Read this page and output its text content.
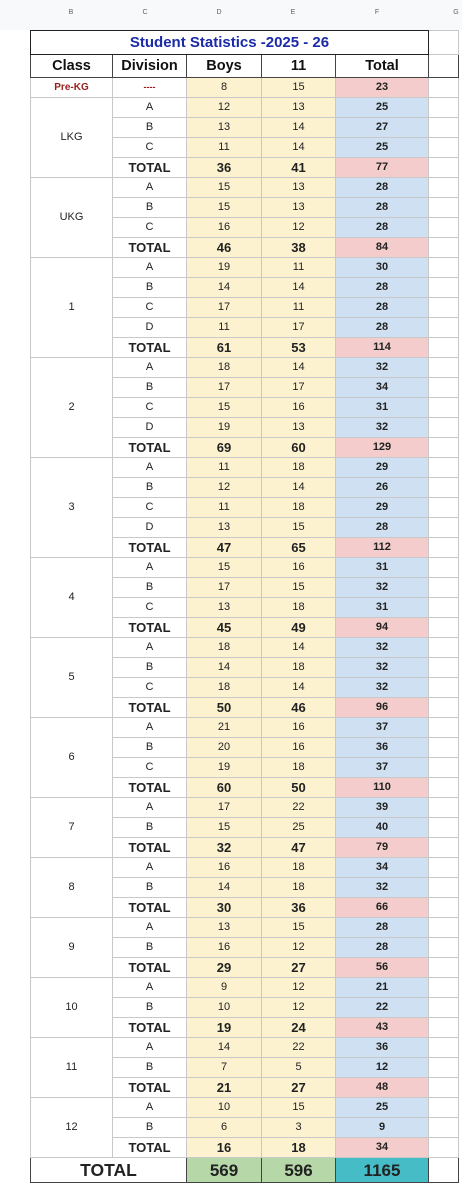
B	C	D	E	F	G
Student Statistics -2025 - 26					
Class	Division	Boys	11	Total	
Pre-KG	----	8	15	23	
LKG	A	12	13	25	
	B	13	14	27	
	C	11	14	25	
	TOTAL	36	41	77	
UKG	A	15	13	28	
	B	15	13	28	
	C	16	12	28	
	TOTAL	46	38	84	
1	A	19	11	30	
	B	14	14	28	
	C	17	11	28	
	D	11	17	28	
	TOTAL	61	53	114	
2	A	18	14	32	
	B	17	17	34	
	C	15	16	31	
	D	19	13	32	
	TOTAL	69	60	129	
3	A	11	18	29	
	B	12	14	26	
	C	11	18	29	
	D	13	15	28	
	TOTAL	47	65	112	
4	A	15	16	31	
	B	17	15	32	
	C	13	18	31	
	TOTAL	45	49	94	
5	A	18	14	32	
	B	14	18	32	
	C	18	14	32	
	TOTAL	50	46	96	
6	A	21	16	37	
	B	20	16	36	
	C	19	18	37	
	TOTAL	60	50	110	
7	A	17	22	39	
	B	15	25	40	
	TOTAL	32	47	79	
8	A	16	18	34	
	B	14	18	32	
	TOTAL	30	36	66	
9	A	13	15	28	
	B	16	12	28	
	TOTAL	29	27	56	
10	A	9	12	21	
	B	10	12	22	
	TOTAL	19	24	43	
11	A	14	22	36	
	B	7	5	12	
	TOTAL	21	27	48	
12	A	10	15	25	
	B	6	3	9	
	TOTAL	16	18	34	
TOTAL		569	596	1165	
